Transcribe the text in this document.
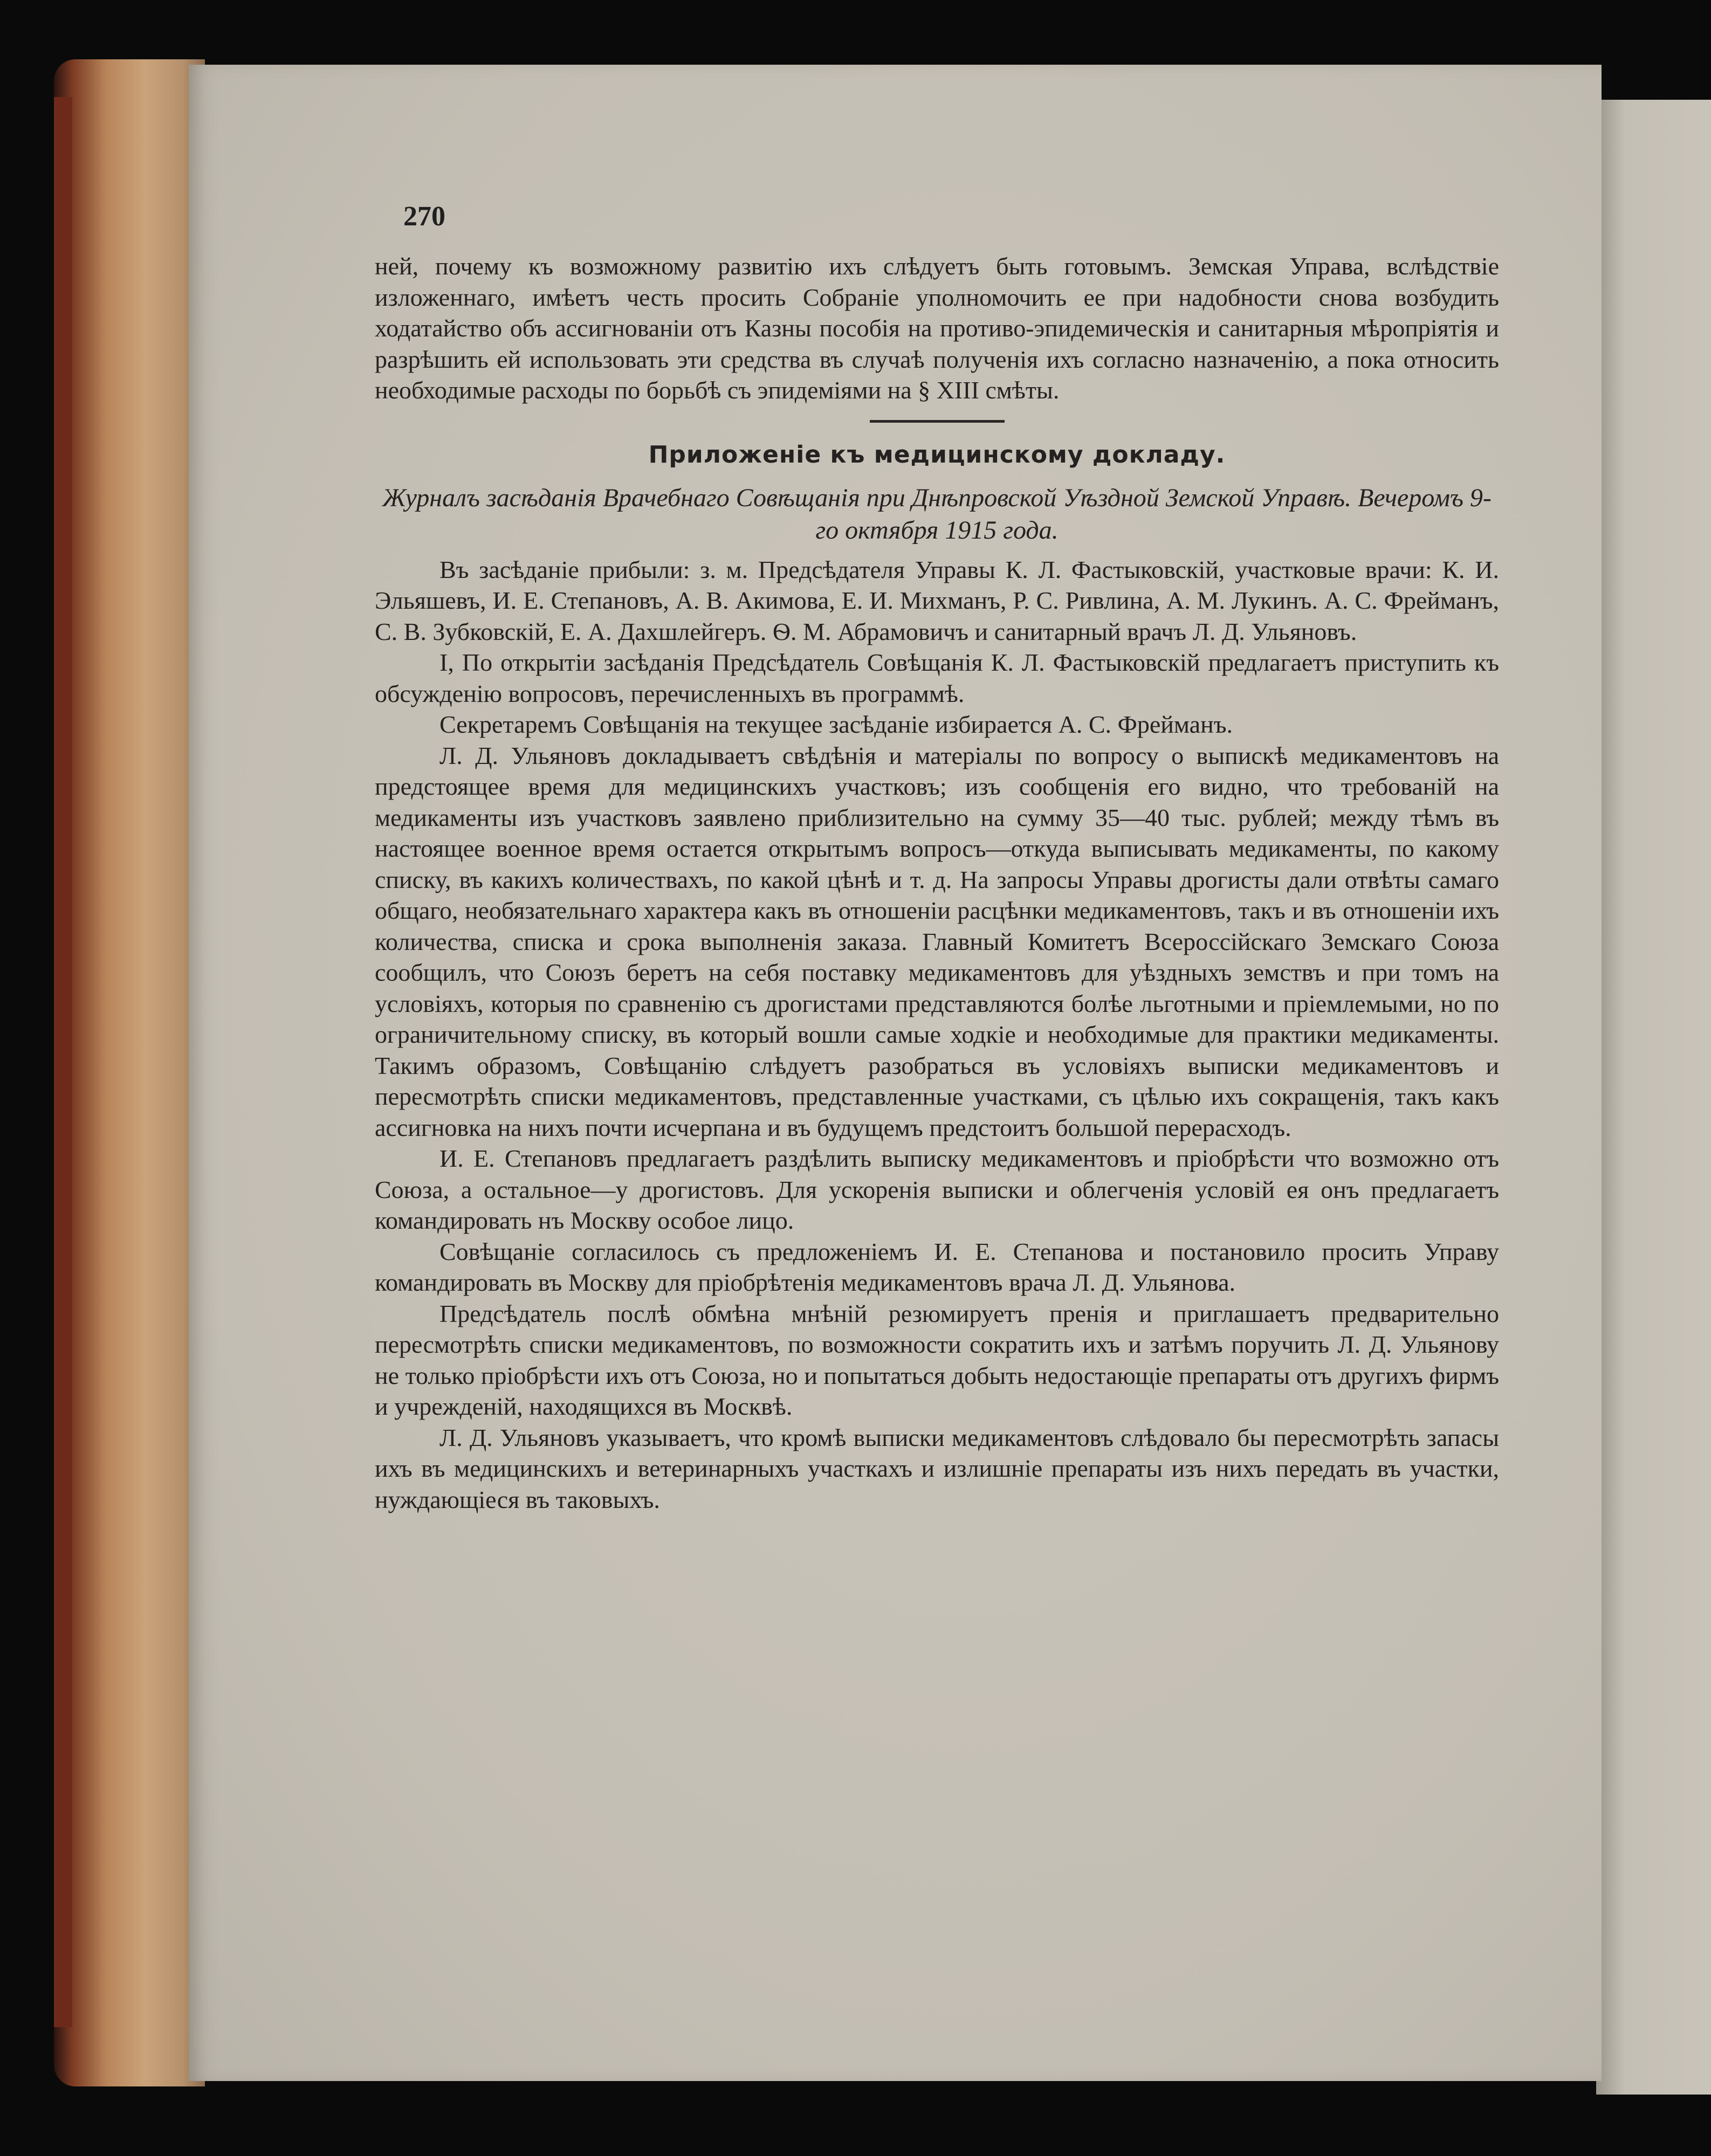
270

ней, почему къ возможному развитію ихъ слѣдуетъ быть готовымъ. Земская Управа, вслѣдствіе изложеннаго, имѣетъ честь просить Собраніе уполномочить ее при надобности снова возбудить ходатайство объ ассигнованіи отъ Казны пособія на противо-эпидемическія и санитарныя мѣропріятія и разрѣшить ей использовать эти средства въ случаѣ полученія ихъ согласно назначенію, а пока относить необходимые расходы по борьбѣ съ эпидеміями на § XIII смѣты.

Приложеніе къ медицинскому докладу.

Журналъ засѣданія Врачебнаго Совѣщанія при Днѣпровской Уѣздной Земской Управѣ. Вечеромъ 9-го октября 1915 года.

Въ засѣданіе прибыли: з. м. Предсѣдателя Управы К. Л. Фастыковскій, участковые врачи: К. И. Эльяшевъ, И. Е. Степановъ, А. В. Акимова, Е. И. Михманъ, Р. С. Ривлина, А. М. Лукинъ. А. С. Фрейманъ, С. В. Зубковскій, Е. А. Дахшлейгеръ. Ѳ. М. Абрамовичъ и санитарный врачъ Л. Д. Ульяновъ.

I, По открытіи засѣданія Предсѣдатель Совѣщанія К. Л. Фастыковскій предлагаетъ приступить къ обсужденію вопросовъ, перечисленныхъ въ программѣ.

Секретаремъ Совѣщанія на текущее засѣданіе избирается А. С. Фрейманъ.

Л. Д. Ульяновъ докладываетъ свѣдѣнія и матеріалы по вопросу о выпискѣ медикаментовъ на предстоящее время для медицинскихъ участковъ; изъ сообщенія его видно, что требованій на медикаменты изъ участковъ заявлено приблизительно на сумму 35—40 тыс. рублей; между тѣмъ въ настоящее военное время остается открытымъ вопросъ—откуда выписывать медикаменты, по какому списку, въ какихъ количествахъ, по какой цѣнѣ и т. д. На запросы Управы дрогисты дали отвѣты самаго общаго, необязательнаго характера какъ въ отношеніи расцѣнки медикаментовъ, такъ и въ отношеніи ихъ количества, списка и срока выполненія заказа. Главный Комитетъ Всероссійскаго Земскаго Союза сообщилъ, что Союзъ беретъ на себя поставку медикаментовъ для уѣздныхъ земствъ и при томъ на условіяхъ, которыя по сравненію съ дрогистами представляются болѣе льготными и пріемлемыми, но по ограничительному списку, въ который вошли самые ходкіе и необходимые для практики медикаменты. Такимъ образомъ, Совѣщанію слѣдуетъ разобраться въ условіяхъ выписки медикаментовъ и пересмотрѣть списки медикаментовъ, представленные участками, съ цѣлью ихъ сокращенія, такъ какъ ассигновка на нихъ почти исчерпана и въ будущемъ предстоитъ большой перерасходъ.

И. Е. Степановъ предлагаетъ раздѣлить выписку медикаментовъ и пріобрѣсти что возможно отъ Союза, а остальное—у дрогистовъ. Для ускоренія выписки и облегченія условій ея онъ предлагаетъ командировать нъ Москву особое лицо.

Совѣщаніе согласилось съ предложеніемъ И. Е. Степанова и постановило просить Управу командировать въ Москву для пріобрѣтенія медикаментовъ врача Л. Д. Ульянова.

Предсѣдатель послѣ обмѣна мнѣній резюмируетъ пренія и приглашаетъ предварительно пересмотрѣть списки медикаментовъ, по возможности сократить ихъ и затѣмъ поручить Л. Д. Ульянову не только пріобрѣсти ихъ отъ Союза, но и попытаться добыть недостающіе препараты отъ другихъ фирмъ и учрежденій, находящихся въ Москвѣ.

Л. Д. Ульяновъ указываетъ, что кромѣ выписки медикаментовъ слѣдовало бы пересмотрѣть запасы ихъ въ медицинскихъ и ветеринарныхъ участкахъ и излишніе препараты изъ нихъ передать въ участки, нуждающіеся въ таковыхъ.
